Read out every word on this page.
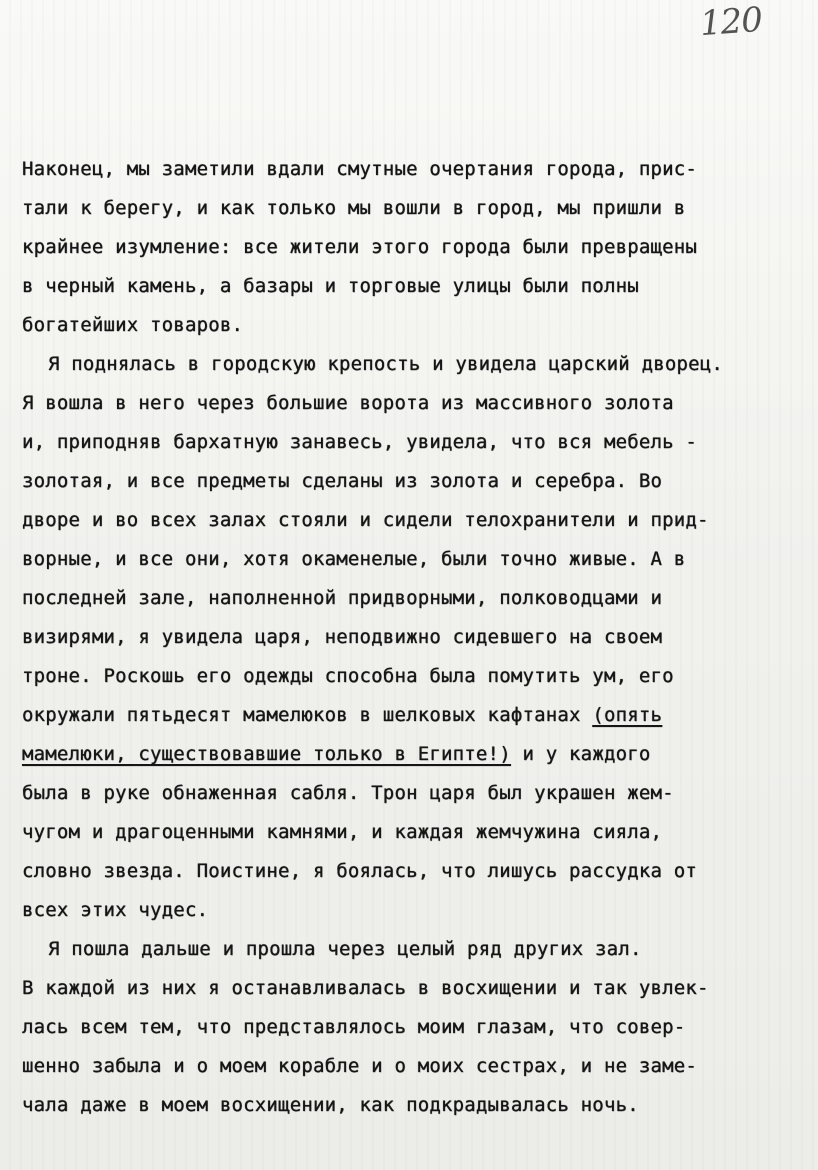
120
Наконец, мы заметили вдали смутные очертания города, прис-
тали к берегу, и как только мы вошли в город, мы пришли в
крайнее изумление: все жители этого города были превращены
в черный камень, а базары и торговые улицы были полны
богатейших товаров.
Я поднялась в городскую крепость и увидела царский дворец.
Я вошла в него через большие ворота из массивного золота
и, приподняв бархатную занавесь, увидела, что вся мебель -
золотая, и все предметы сделаны из золота и серебра. Во
дворе и во всех залах стояли и сидели телохранители и прид-
ворные, и все они, хотя окаменелые, были точно живые. А в
последней зале, наполненной придворными, полководцами и
визирями, я увидела царя, неподвижно сидевшего на своем
троне. Роскошь его одежды способна была помутить ум, его
окружали пятьдесят мамелюков в шелковых кафтанах (опять
мамелюки, существовавшие только в Египте!) и у каждого
была в руке обнаженная сабля. Трон царя был украшен жем-
чугом и драгоценными камнями, и каждая жемчужина сияла,
словно звезда. Поистине, я боялась, что лишусь рассудка от
всех этих чудес.
Я пошла дальше и прошла через целый ряд других зал.
В каждой из них я останавливалась в восхищении и так увлек-
лась всем тем, что представлялось моим глазам, что совер-
шенно забыла и о моем корабле и о моих сестрах, и не заме-
чала даже в моем восхищении, как подкрадывалась ночь.
